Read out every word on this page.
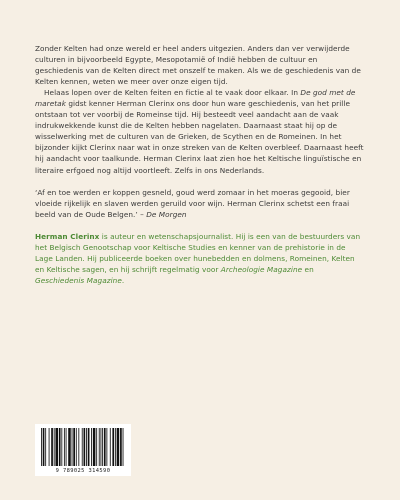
Zonder Kelten had onze wereld er heel anders uitgezien. Anders dan ver verwijderde culturen in bijvoorbeeld Egypte, Mesopotamië of Indië hebben de cultuur en geschiedenis van de Kelten direct met onszelf te maken. Als we de geschiedenis van de Kelten kennen, weten we meer over onze eigen tijd.

Helaas lopen over de Kelten feiten en fictie al te vaak door elkaar. In De god met de maretak gidst kenner Herman Clerinx ons door hun ware geschiedenis, van het prille ontstaan tot ver voorbij de Romeinse tijd. Hij besteedt veel aandacht aan de vaak indrukwekkende kunst die de Kelten hebben nagelaten. Daarnaast staat hij op de wisselwerking met de culturen van de Grieken, de Scythen en de Romeinen. In het bijzonder kijkt Clerinx naar wat in onze streken van de Kelten overbleef. Daarnaast heeft hij aandacht voor taalkunde. Herman Clerinx laat zien hoe het Keltische linguïstische en literaire erfgoed nog altijd voortleeft. Zelfs in ons Nederlands.

‘Af en toe werden er koppen gesneld, goud werd zomaar in het moeras gegooid, bier vloeide rijkelijk en slaven werden geruild voor wijn. Herman Clerinx schetst een fraai beeld van de Oude Belgen.’ – De Morgen

Herman Clerinx is auteur en wetenschapsjournalist. Hij is een van de bestuurders van het Belgisch Genootschap voor Keltische Studies en kenner van de prehistorie in de Lage Landen. Hij publiceerde boeken over hunebedden en dolmens, Romeinen, Kelten en Keltische sagen, en hij schrijft regelmatig voor Archeologie Magazine en Geschiedenis Magazine.

9 789025 314590
